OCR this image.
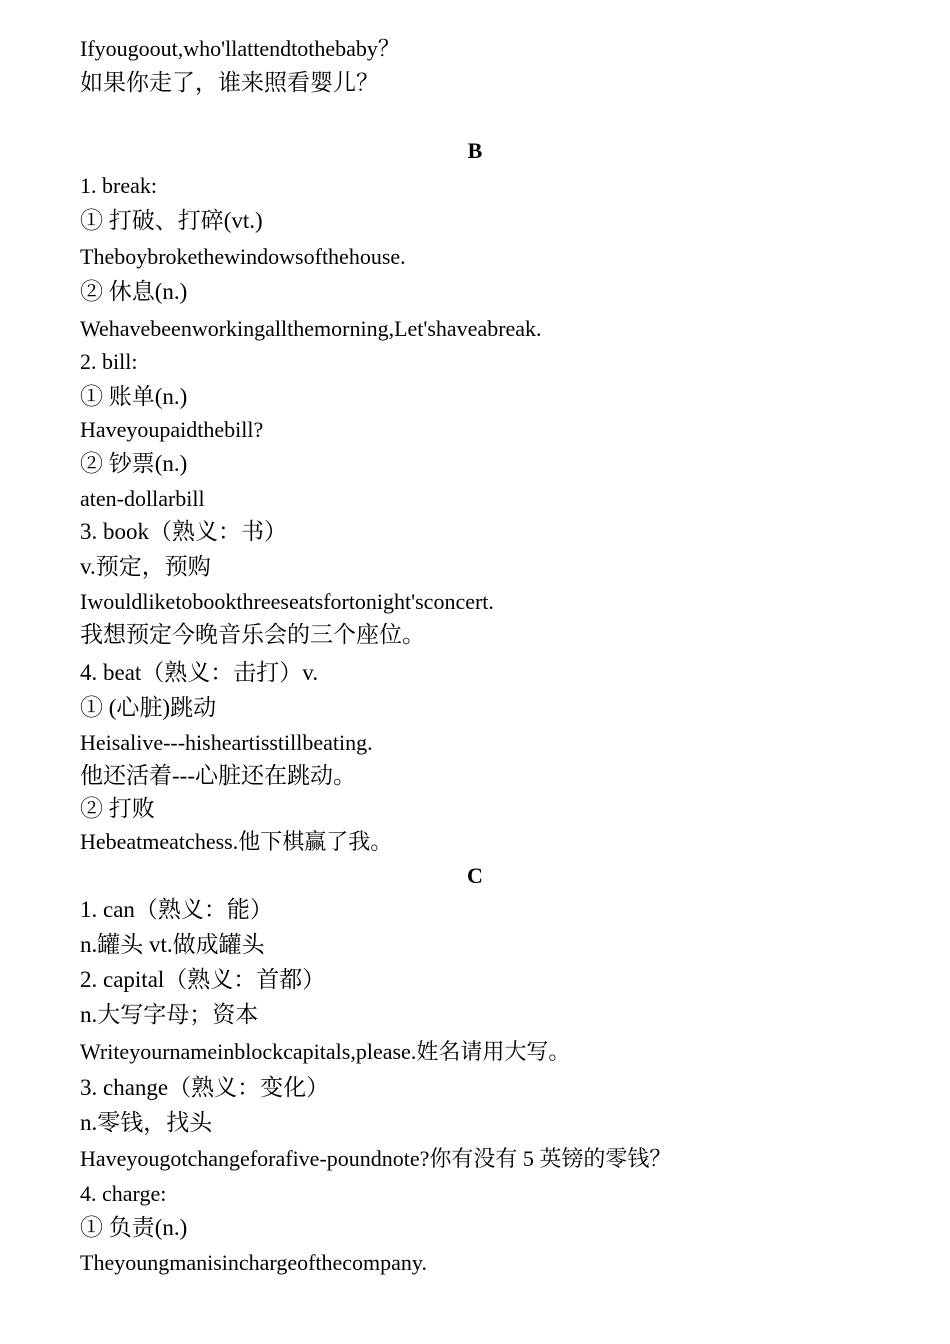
Ifyougoout,who'llattendtothebaby？
如果你走了，谁来照看婴儿？
B
1. break:
① 打破、打碎(vt.)
Theboybrokethewindowsofthehouse.
② 休息(n.)
Wehavebeenworkingallthemorning,Let'shaveabreak.
2. bill:
① 账单(n.)
Haveyoupaidthebill?
② 钞票(n.)
aten-dollarbill
3. book（熟义：书）
v.预定，预购
Iwouldliketobookthreeseatsfortonight'sconcert.
我想预定今晚音乐会的三个座位。
4. beat（熟义：击打）v.
① (心脏)跳动
Heisalive---hisheartisstillbeating.
他还活着---心脏还在跳动。
② 打败
Hebeatmeatchess.他下棋赢了我。
C
1. can（熟义：能）
n.罐头 vt.做成罐头
2. capital（熟义：首都）
n.大写字母；资本
Writeyournameinblockcapitals,please.姓名请用大写。
3. change（熟义：变化）
n.零钱，找头
Haveyougotchangeforafive-poundnote?你有没有 5 英镑的零钱？
4. charge:
① 负责(n.)
Theyoungmanisinchargeofthecompany.
